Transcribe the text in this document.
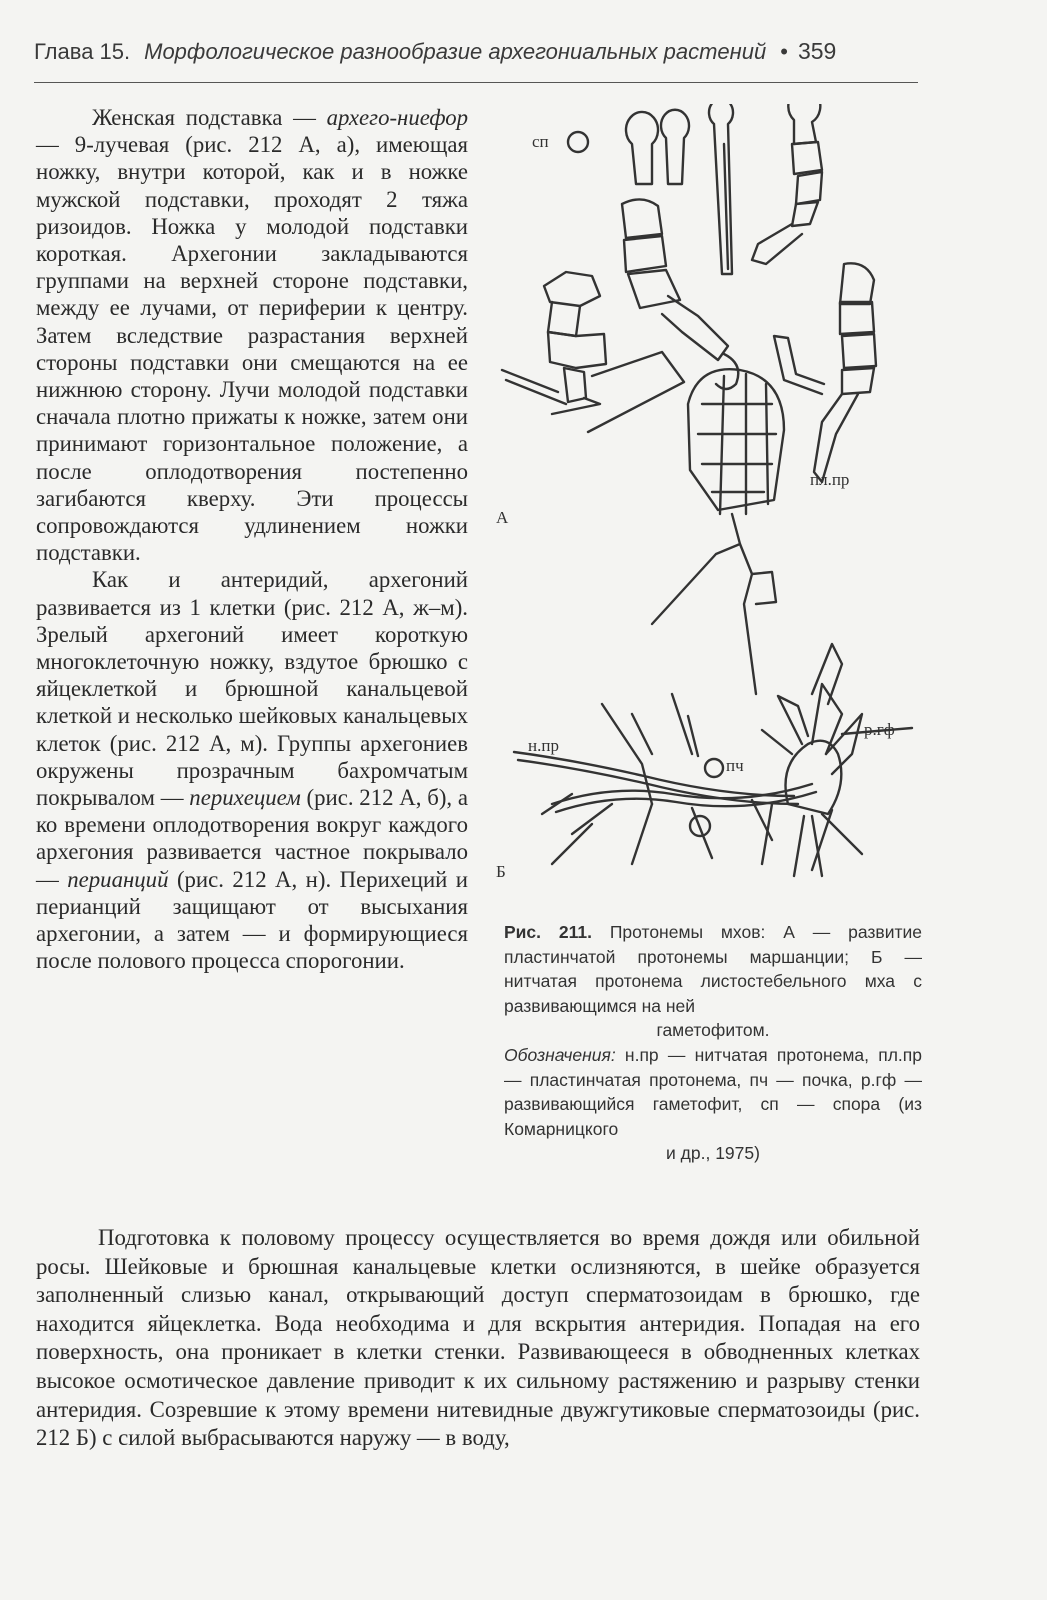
Глава 15. Морфологическое разнообразие архегониальных растений • 359

Женская подставка — архего-ниефор — 9-лучевая (рис. 212 А, а), имеющая ножку, внутри которой, как и в ножке мужской подставки, проходят 2 тяжа ризоидов. Ножка у молодой подставки короткая. Архегонии закладываются группами на верхней стороне подставки, между ее лучами, от периферии к центру. Затем вследствие разрастания верхней стороны подставки они смещаются на ее нижнюю сторону. Лучи молодой подставки сначала плотно прижаты к ножке, затем они принимают горизонтальное положение, а после оплодотворения постепенно загибаются кверху. Эти процессы сопровождаются удлинением ножки подставки.

Как и антеридий, архегоний развивается из 1 клетки (рис. 212 А, ж–м). Зрелый архегоний имеет короткую многоклеточную ножку, вздутое брюшко с яйцеклеткой и брюшной канальцевой клеткой и несколько шейковых канальцевых клеток (рис. 212 А, м). Группы архегониев окружены прозрачным бахромчатым покрывалом — перихецием (рис. 212 А, б), а ко времени оплодотворения вокруг каждого архегония развивается частное покрывало — перианций (рис. 212 А, н). Перихеций и перианций защищают от высыхания архегонии, а затем — и формирующиеся после полового процесса спорогонии.

сп
пл.пр
А
н.пр
пч
р.гф
Б

Рис. 211. Протонемы мхов: А — развитие пластинчатой протонемы маршанции; Б — нитчатая протонема листостебельного мха с развивающимся на ней
гаметофитом.

Обозначения: н.пр — нитчатая протонема, пл.пр — пластинчатая протонема, пч — почка, р.гф — развивающийся гаметофит, сп — спора (из Комарницкого
и др., 1975)

Подготовка к половому процессу осуществляется во время дождя или обильной росы. Шейковые и брюшная канальцевые клетки ослизняются, в шейке образуется заполненный слизью канал, открывающий доступ сперматозоидам в брюшко, где находится яйцеклетка. Вода необходима и для вскрытия антеридия. Попадая на его поверхность, она проникает в клетки стенки. Развивающееся в обводненных клетках высокое осмотическое давление приводит к их сильному растяжению и разрыву стенки антеридия. Созревшие к этому времени нитевидные двужгутиковые сперматозоиды (рис. 212 Б) с силой выбрасываются наружу — в воду,
